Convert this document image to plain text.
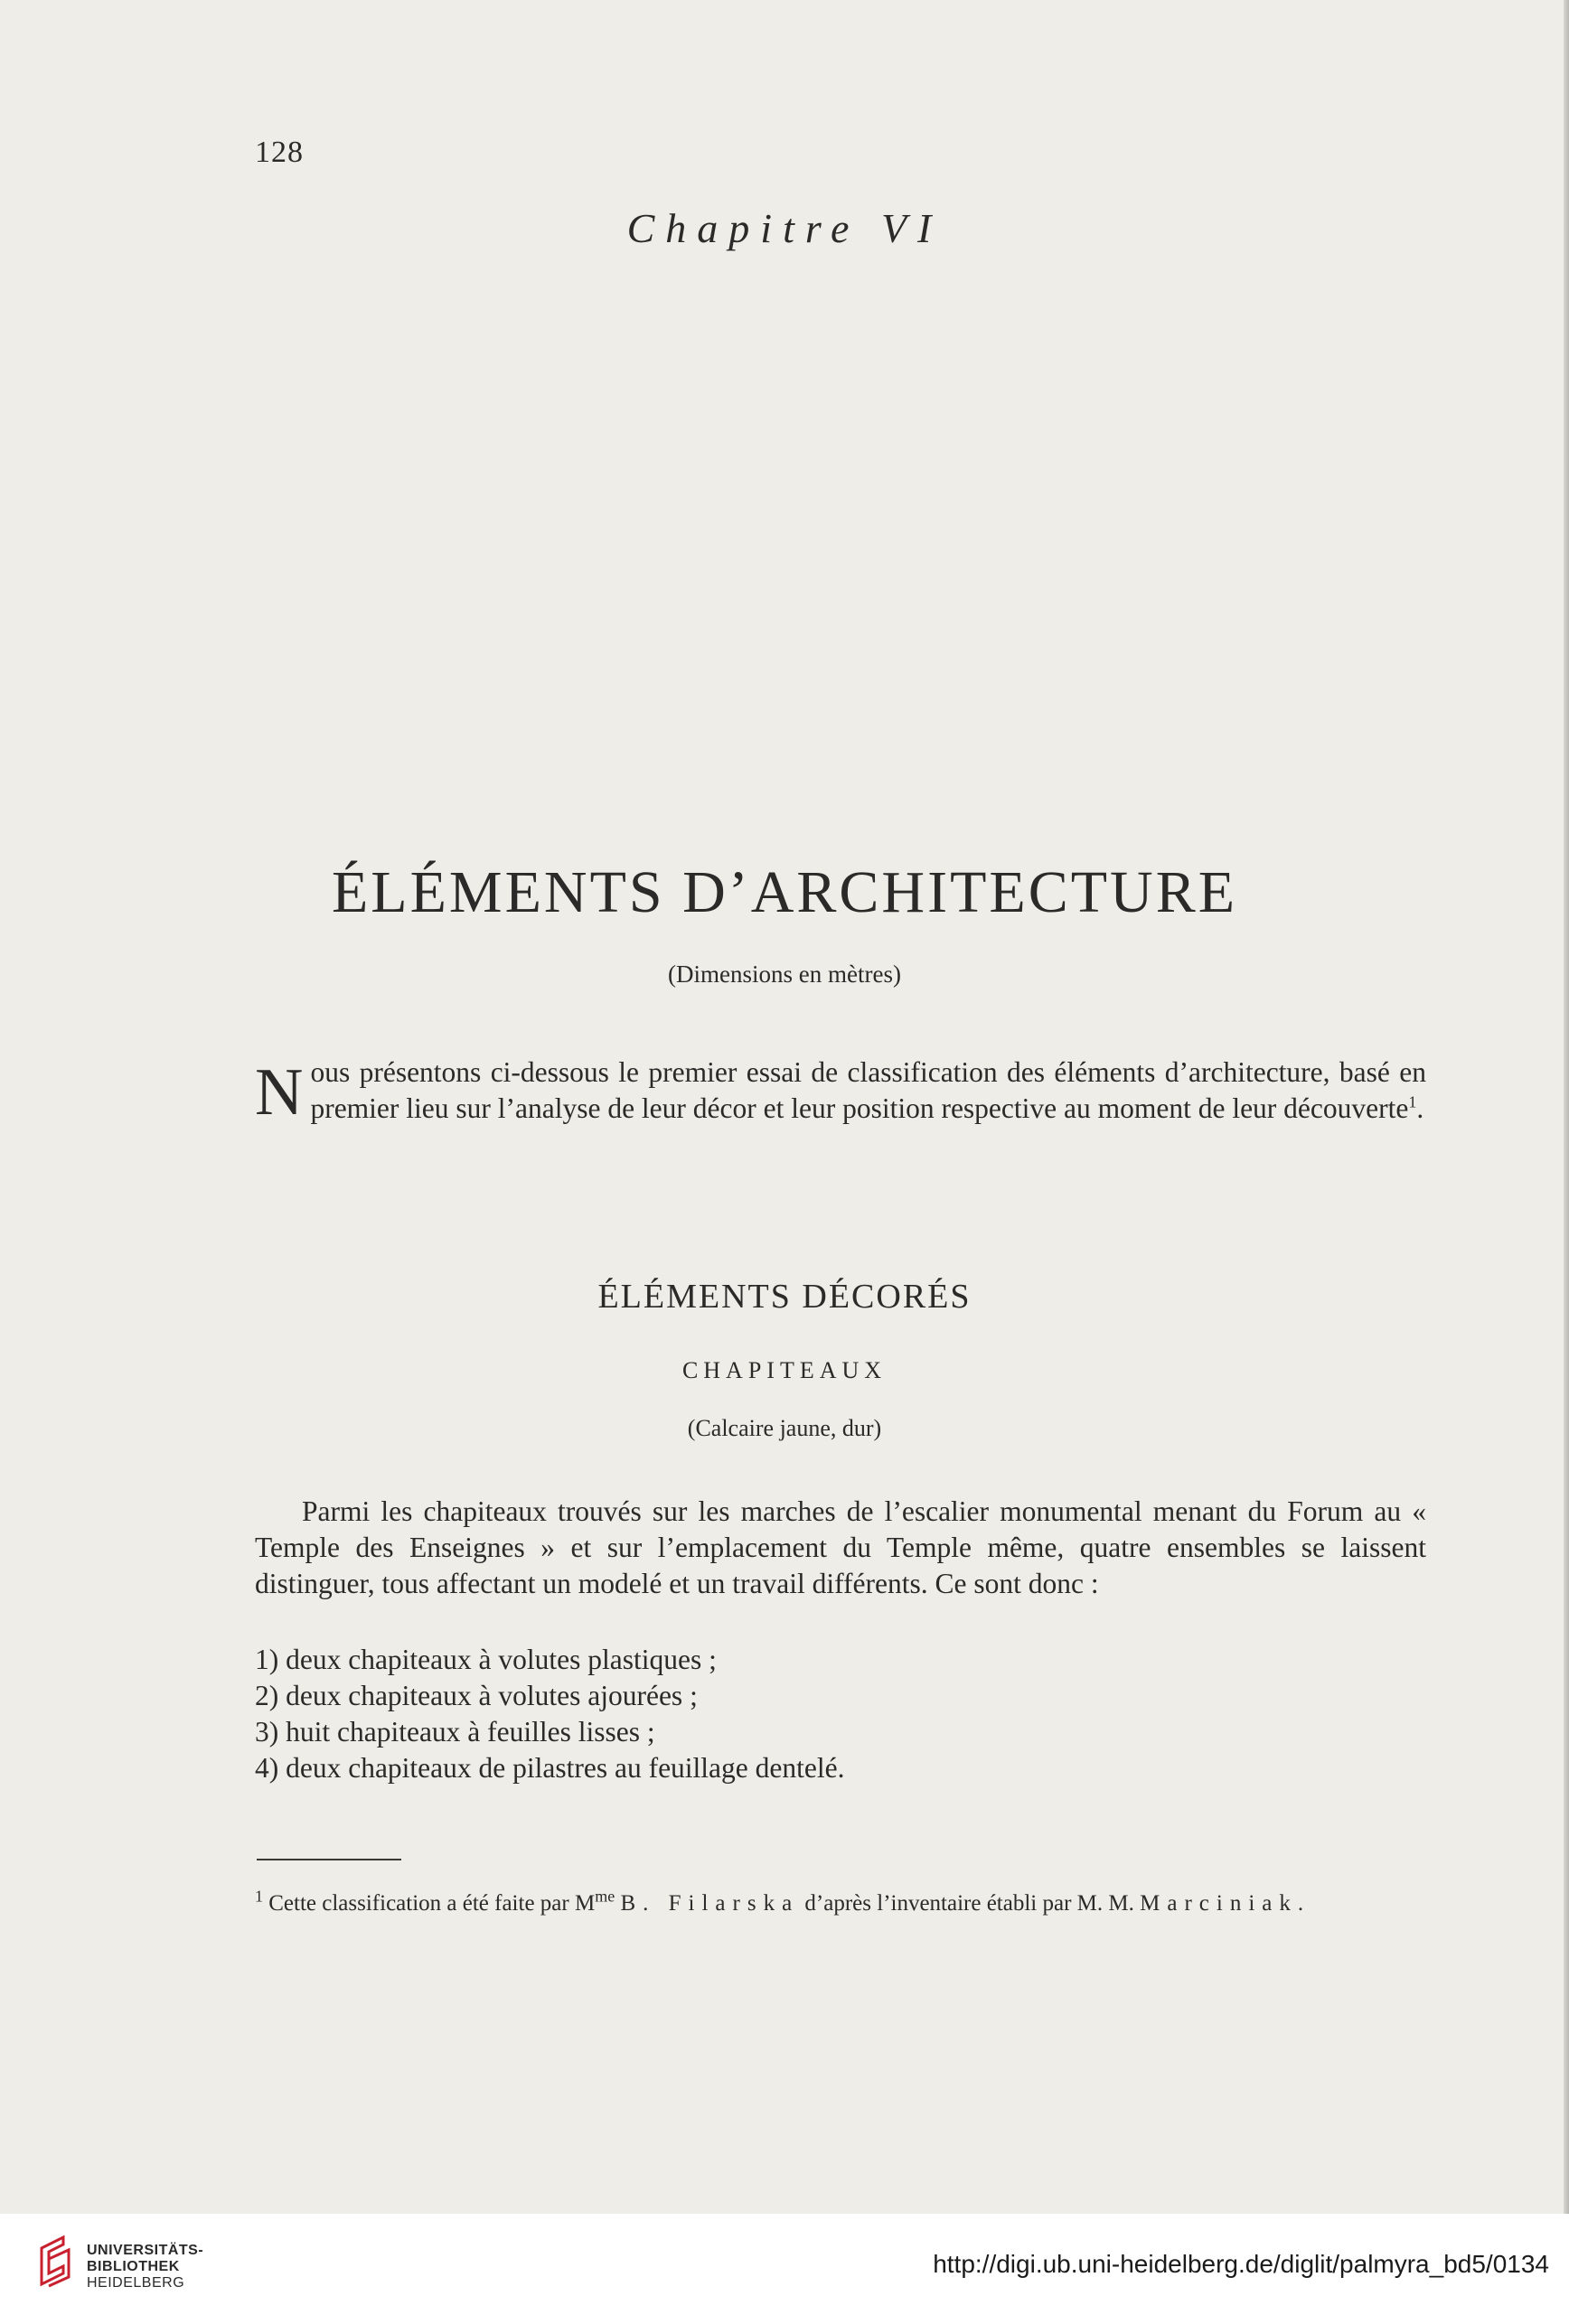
128
Chapitre VI
ÉLÉMENTS D’ARCHITECTURE
(Dimensions en mètres)
Nous présentons ci-dessous le premier essai de classification des éléments d’architecture, basé en premier lieu sur l’analyse de leur décor et leur position respective au moment de leur découverte$^1$.
ÉLÉMENTS DÉCORÉS
CHAPITEAUX
(Calcaire jaune, dur)
Parmi les chapiteaux trouvés sur les marches de l’escalier monumental menant du Forum au « Temple des Enseignes » et sur l’emplacement du Temple même, quatre ensembles se laissent distinguer, tous affectant un modelé et un travail différents. Ce sont donc :
1) deux chapiteaux à volutes plastiques ;
2) deux chapiteaux à volutes ajourées ;
3) huit chapiteaux à feuilles lisses ;
4) deux chapiteaux de pilastres au feuillage dentelé.
$^1$ Cette classification a été faite par $M^{me}$ B. Filarska d’après l’inventaire établi par M. M. Marciniak.
UNIVERSITÄTS-
BIBLIOTHEK
HEIDELBERG
http://digi.ub.uni-heidelberg.de/diglit/palmyra_bd5/0134
